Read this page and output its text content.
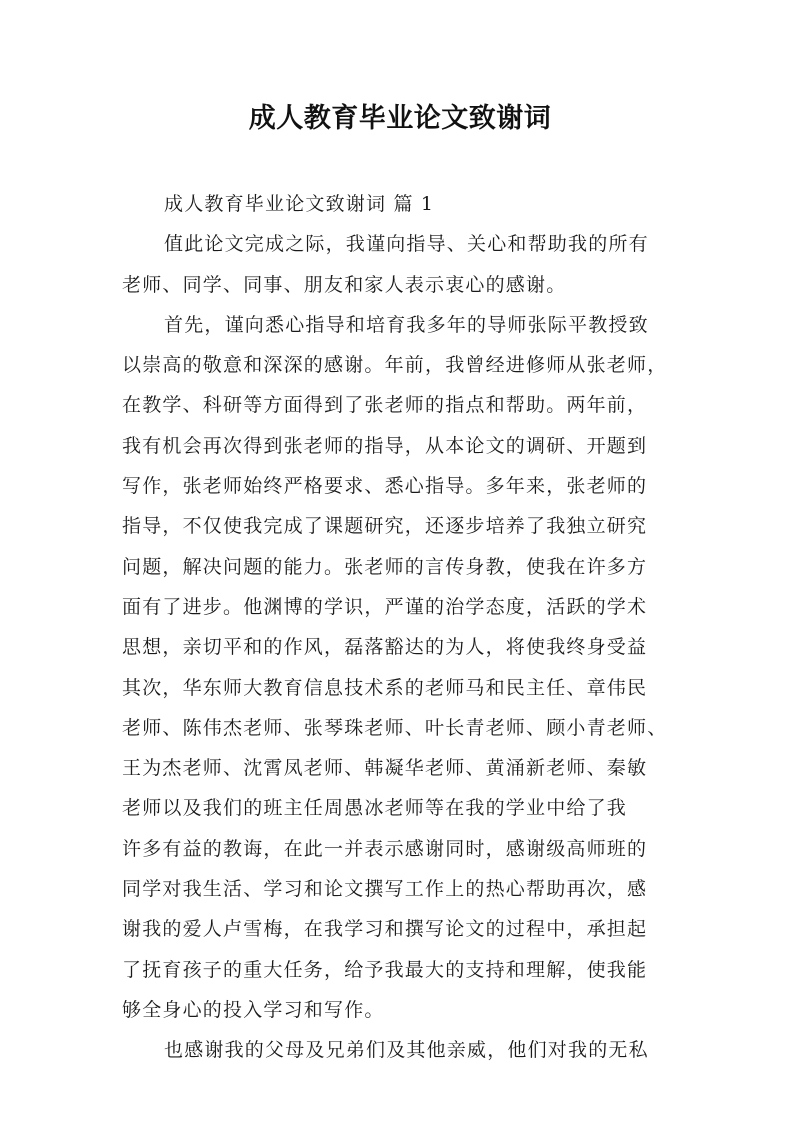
成人教育毕业论文致谢词
成人教育毕业论文致谢词 篇 1
值此论文完成之际，我谨向指导、关心和帮助我的所有
老师、同学、同事、朋友和家人表示衷心的感谢。
首先，谨向悉心指导和培育我多年的导师张际平教授致
以崇高的敬意和深深的感谢。年前，我曾经进修师从张老师，
在教学、科研等方面得到了张老师的指点和帮助。两年前，
我有机会再次得到张老师的指导，从本论文的调研、开题到
写作，张老师始终严格要求、悉心指导。多年来，张老师的
指导，不仅使我完成了课题研究，还逐步培养了我独立研究
问题，解决问题的能力。张老师的言传身教，使我在许多方
面有了进步。他渊博的学识，严谨的治学态度，活跃的学术
思想，亲切平和的作风，磊落豁达的为人，将使我终身受益
其次，华东师大教育信息技术系的老师马和民主任、章伟民
老师、陈伟杰老师、张琴珠老师、叶长青老师、顾小青老师、
王为杰老师、沈霄凤老师、韩凝华老师、黄涌新老师、秦敏
老师以及我们的班主任周愚冰老师等在我的学业中给了我
许多有益的教诲，在此一并表示感谢同时，感谢级高师班的
同学对我生活、学习和论文撰写工作上的热心帮助再次，感
谢我的爱人卢雪梅，在我学习和撰写论文的过程中，承担起
了抚育孩子的重大任务，给予我最大的支持和理解，使我能
够全身心的投入学习和写作。
也感谢我的父母及兄弟们及其他亲威，他们对我的无私
